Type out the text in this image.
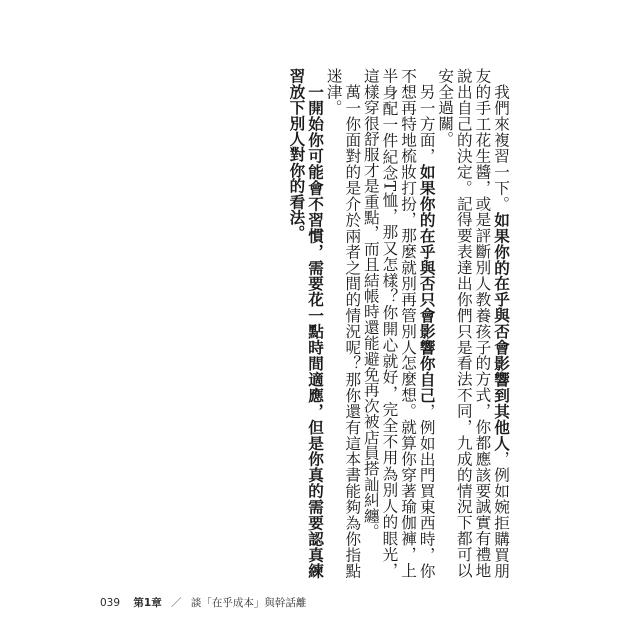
我們來複習一下。如果你的在乎與否會影響到其他人，例如婉拒購買朋友的手工花生醬，或是評斷別人教養孩子的方式，你都應該要誠實有禮地說出自己的決定。記得要表達出你們只是看法不同，九成的情況下都可以安全過關。

另一方面，如果你的在乎與否只會影響你自己，例如出門買東西時，你不想再特地梳妝打扮，那麼就別再管別人怎麼想。就算你穿著瑜伽褲，上半身配一件紀念T恤，那又怎樣？你開心就好，完全不用為別人的眼光，這樣穿很舒服才是重點，而且結帳時還能避免再次被店員搭訕糾纏。

萬一你面對的是介於兩者之間的情況呢？那你還有這本書能夠為你指點迷津。

一開始你可能會不習慣，需要花一點時間適應，但是你真的需要認真練習放下別人對你的看法。

039 第1章 ／ 談「在乎成本」與幹話離
